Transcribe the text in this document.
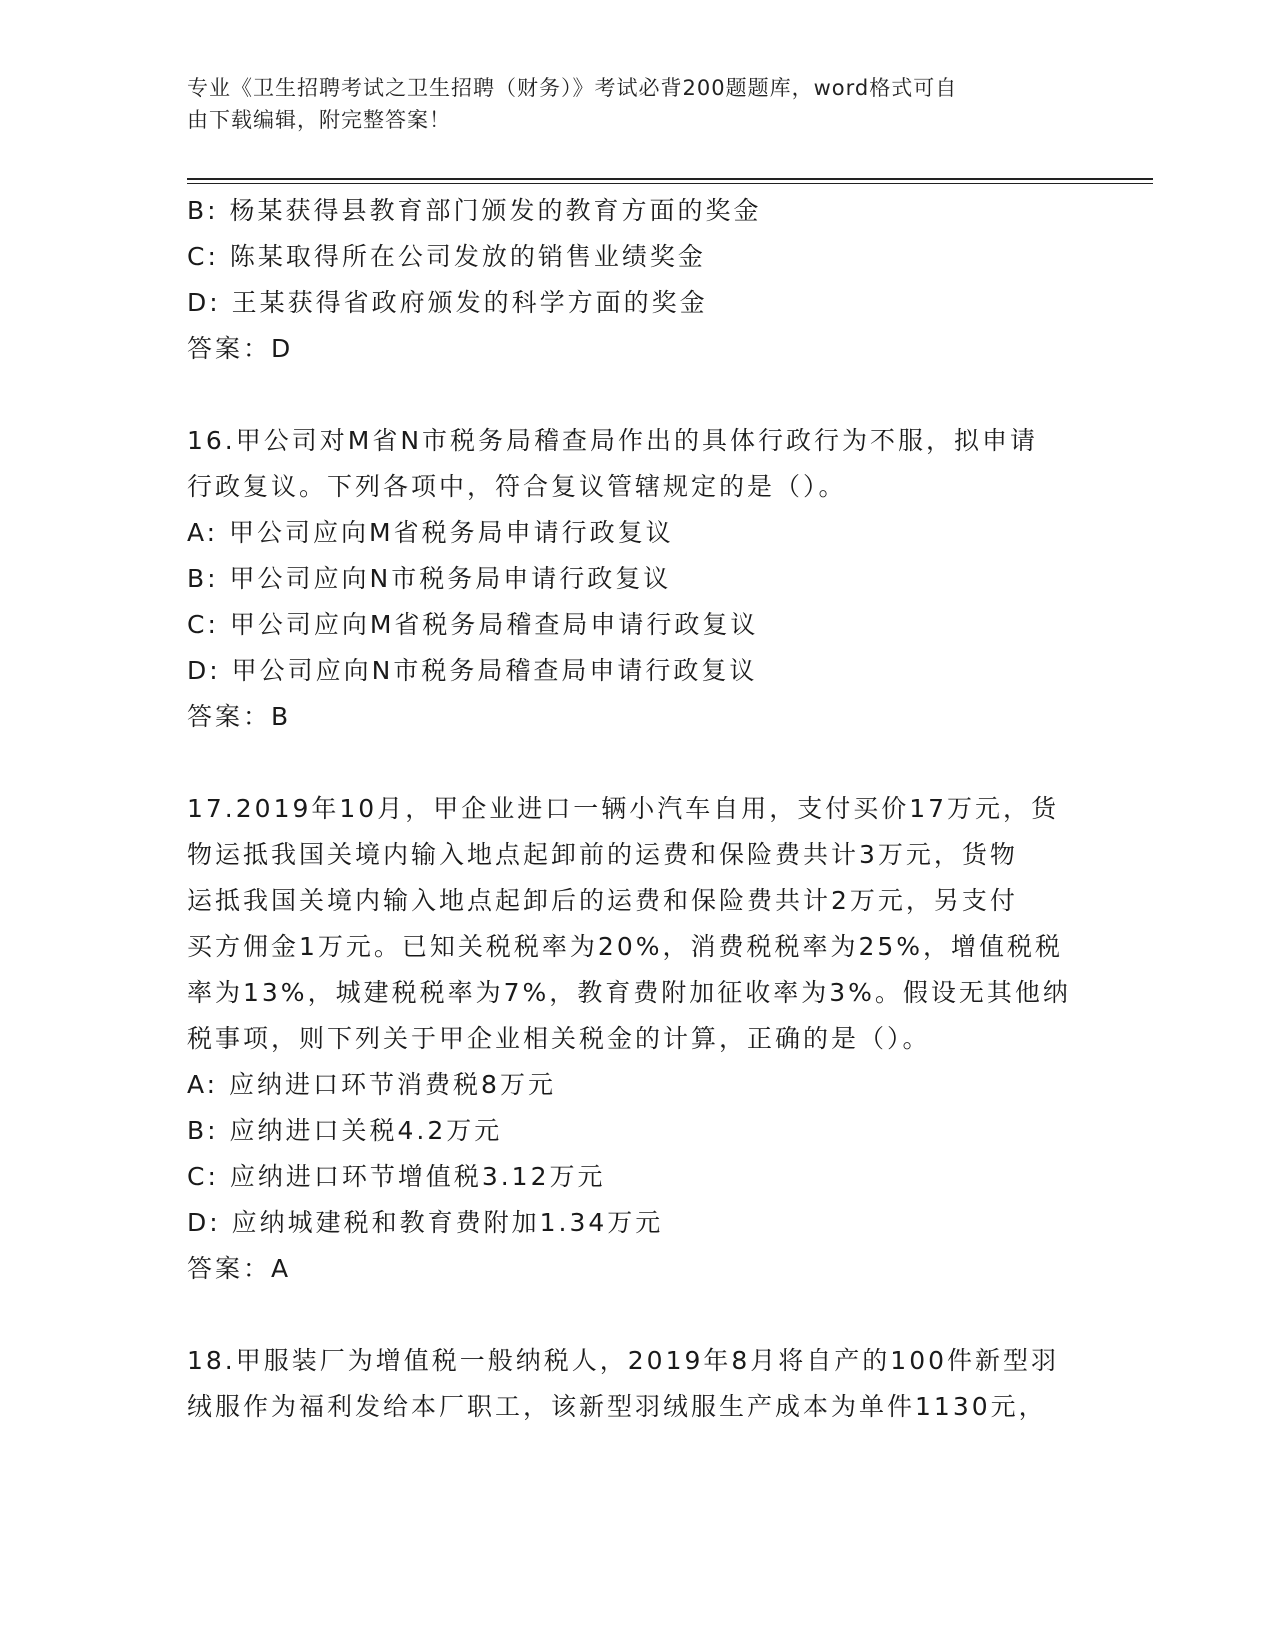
专业《卫生招聘考试之卫生招聘（财务）》考试必背200题题库，word格式可自
由下载编辑，附完整答案！
B: 杨某获得县教育部门颁发的教育方面的奖金
C: 陈某取得所在公司发放的销售业绩奖金
D: 王某获得省政府颁发的科学方面的奖金
答案：D
16.甲公司对M省N市税务局稽查局作出的具体行政行为不服，拟申请
行政复议。下列各项中，符合复议管辖规定的是（）。
A: 甲公司应向M省税务局申请行政复议
B: 甲公司应向N市税务局申请行政复议
C: 甲公司应向M省税务局稽查局申请行政复议
D: 甲公司应向N市税务局稽查局申请行政复议
答案：B
17.2019年10月，甲企业进口一辆小汽车自用，支付买价17万元，货
物运抵我国关境内输入地点起卸前的运费和保险费共计3万元，货物
运抵我国关境内输入地点起卸后的运费和保险费共计2万元，另支付
买方佣金1万元。已知关税税率为20%，消费税税率为25%，增值税税
率为13%，城建税税率为7%，教育费附加征收率为3%。假设无其他纳
税事项，则下列关于甲企业相关税金的计算，正确的是（）。
A: 应纳进口环节消费税8万元
B: 应纳进口关税4.2万元
C: 应纳进口环节增值税3.12万元
D: 应纳城建税和教育费附加1.34万元
答案：A
18.甲服装厂为增值税一般纳税人，2019年8月将自产的100件新型羽
绒服作为福利发给本厂职工，该新型羽绒服生产成本为单件1130元，
